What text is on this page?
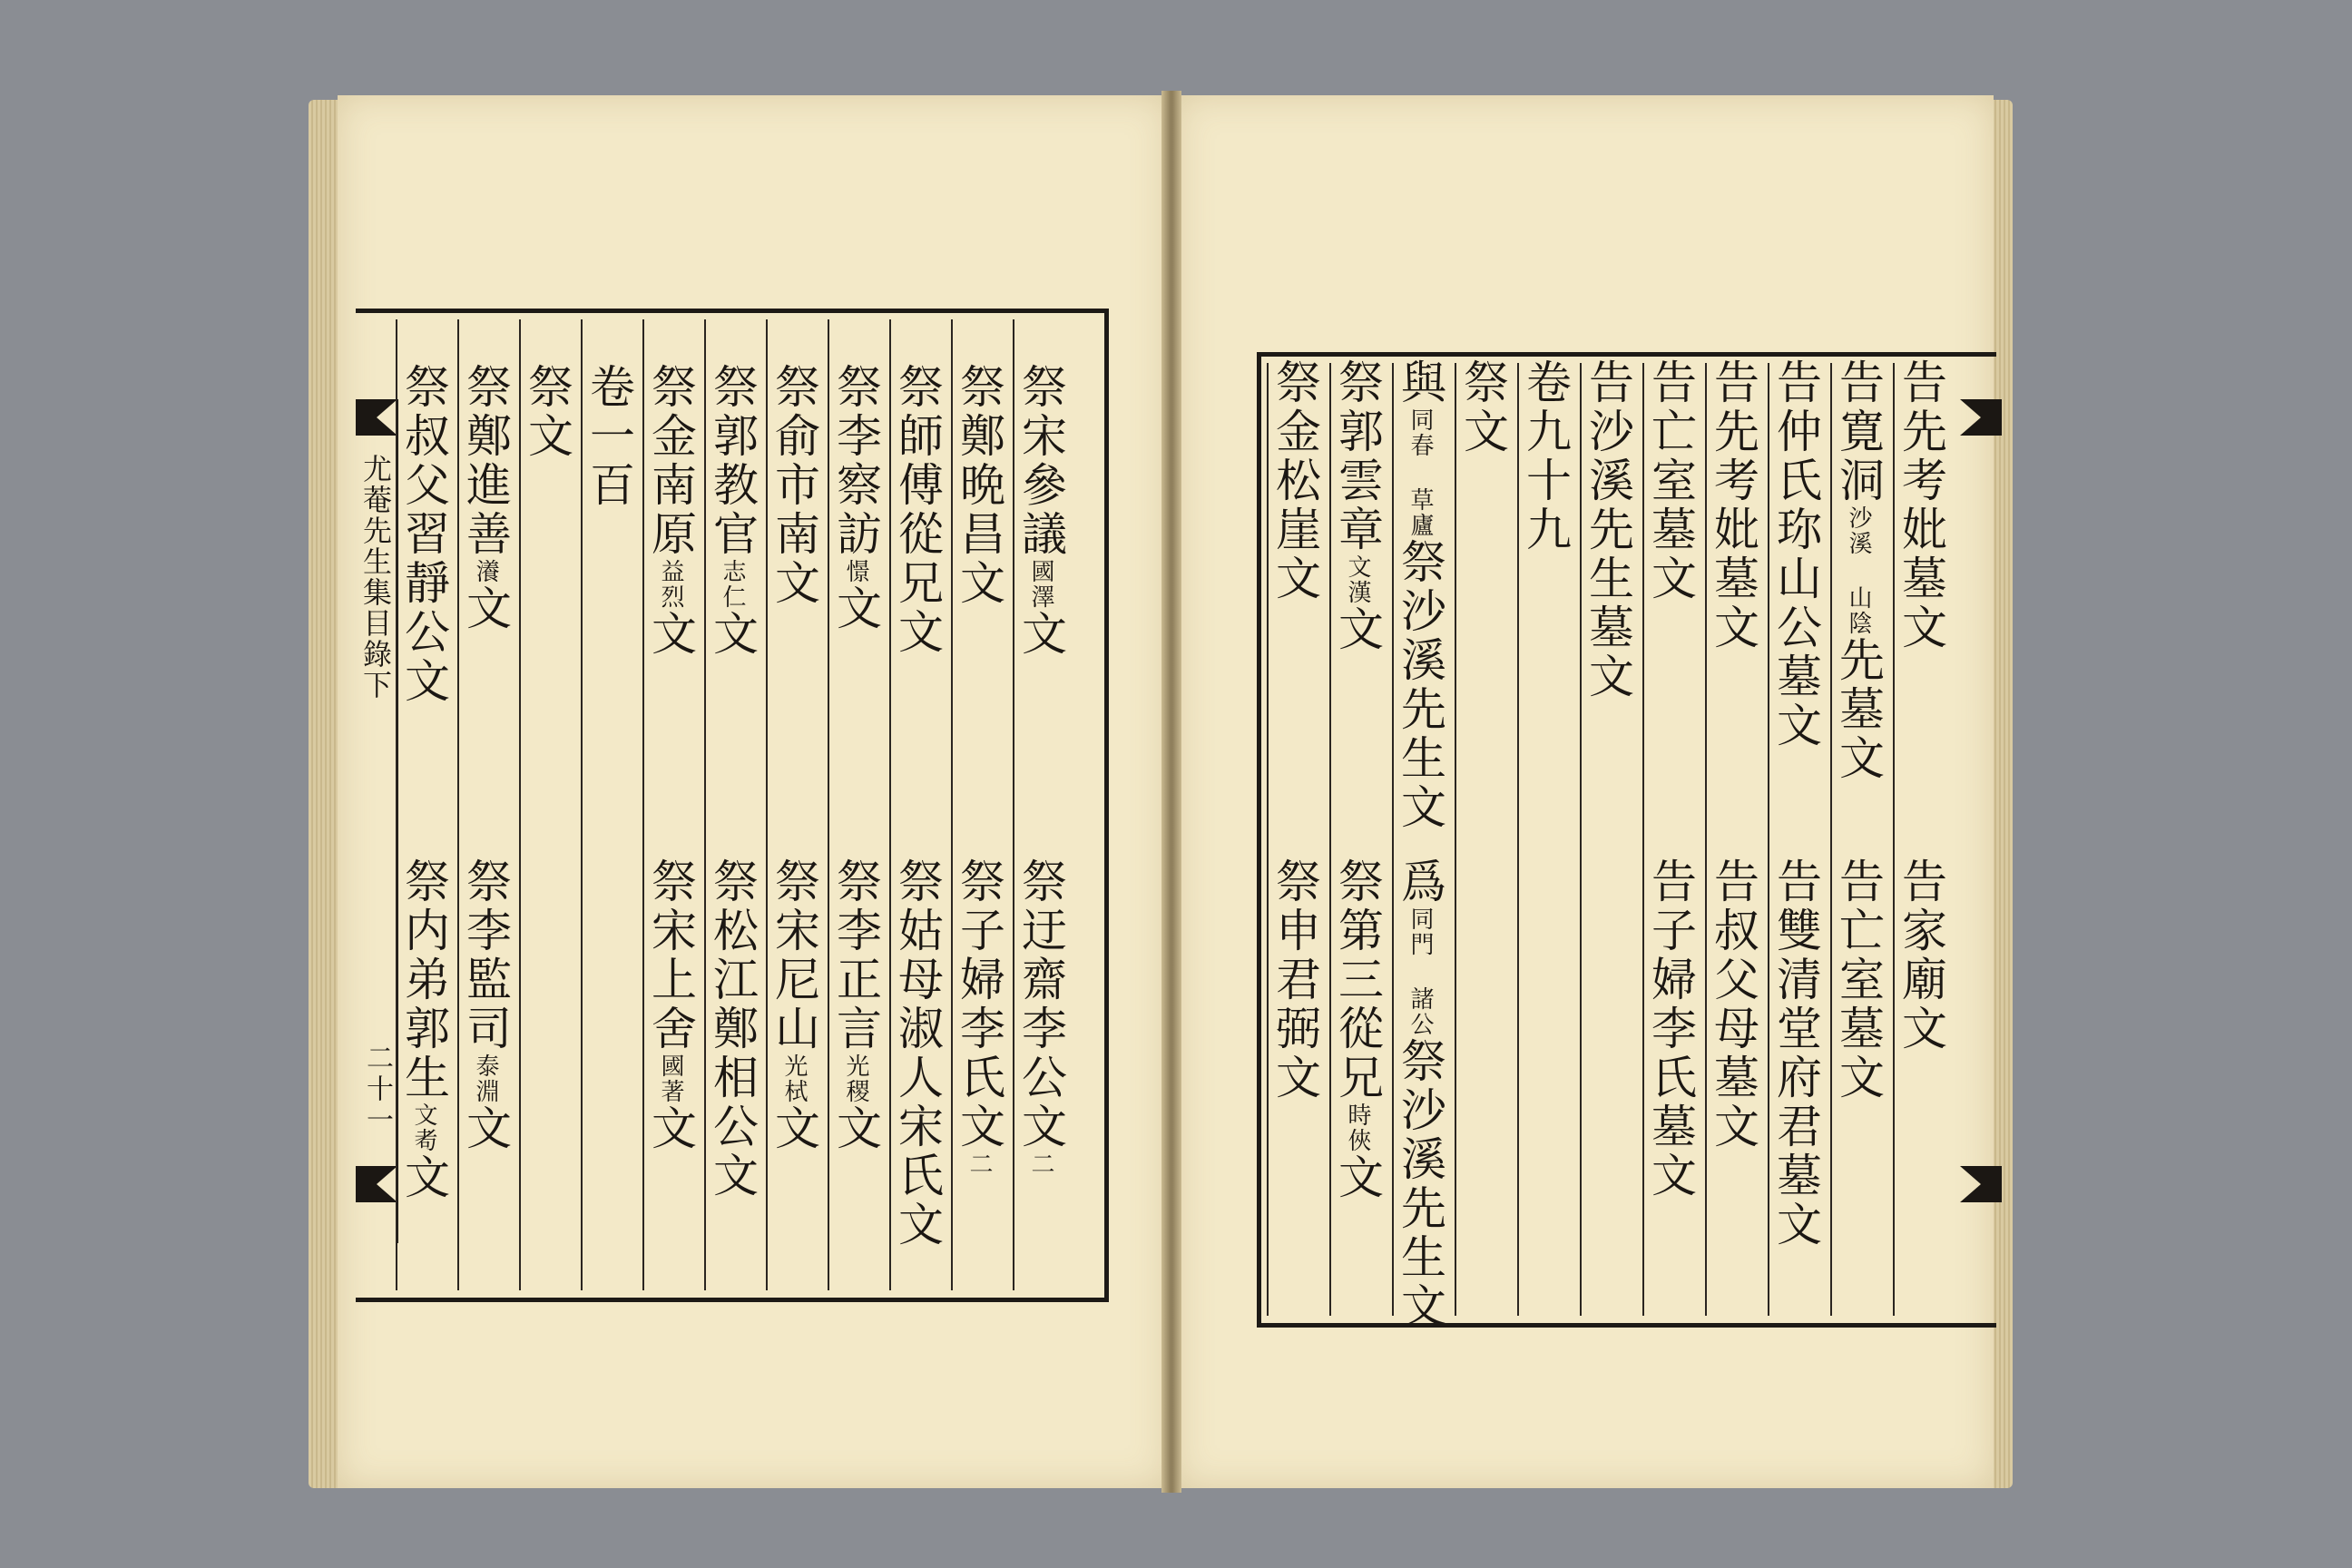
尤菴先生集目錄下
二十一
祭宋參議國澤文
祭迂齋李公文二
祭鄭晩昌文
祭子婦李氏文二
祭師傅從兄文
祭姑母淑人宋氏文
祭李察訪憬文
祭李正言光稷文
祭俞市南文
祭宋尼山光栻文
祭郭教官志仁文
祭松江鄭相公文
祭金南原益烈文
祭宋上舍國著文
卷一百
祭文
祭鄭進善瀁文
祭李監司泰淵文
祭叔父習靜公文
祭内弟郭生文耇文
告先考妣墓文
告家廟文
告寛洞沙溪 山陰先墓文
告亡室墓文
告仲氏珎山公墓文
告雙清堂府君墓文
告先考妣墓文
告叔父母墓文
告亡室墓文
告子婦李氏墓文
告沙溪先生墓文
卷九十九
祭文
與同春 草廬祭沙溪先生文
爲同門 諸公祭沙溪先生文
祭郭雲章文漢文
祭第三從兄時俠文
祭金松崖文
祭申君弼文
